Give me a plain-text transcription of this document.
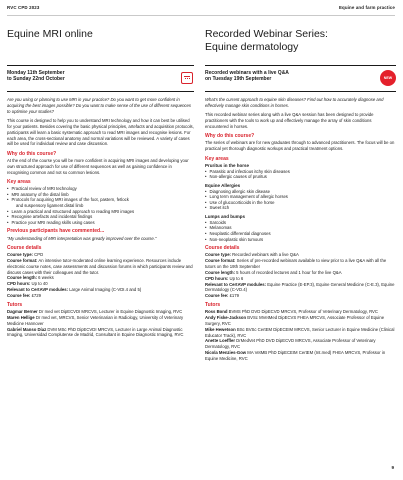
RVC CPD 2023	Equine and farm practice
Equine MRI online
Monday 11th September
to Sunday 22nd October

Are you using or planning to use MRI in your practice? Do you want to get more confident in acquiring the best images possible? Do you want to make sense of the use of different sequences to optimise your studies?

This course is designed to help you to understand MRI technology and how it can best be utilised for your patients. Besides covering the basic physical principles, artefacts and acquisition protocols, participants will learn a basic systematic approach to read MRI images and recognise lesions. For each area, the cross-sectional anatomy and normal variations will be reviewed. A variety of cases will be used for individual review and case discussion.

Why do this course?

At the end of the course you will be more confident in acquiring MRI images and developing your own structured approach for use of different sequences as well as gaining confidence in recognising common and not so common lesions.

Key areas
• Practical review of MRI technology
• MRI anatomy of the distal limb
• Protocols for acquiring MRI images of the foot, pastern, fetlock
and suspensory ligament distal limb
• Learn a practical and structured approach to reading MRI images
• Recognise artefacts and incidental findings
• Practice your MRI reading skills using cases
Previous participants have commented...

"My understanding of MRI interpretation was greatly improved over the course."

Course details
Course type: CPD
Course format: An intensive tutor-moderated online learning experience. Resources include electronic course notes, case assessments and discussion forums in which participants review and discuss cases with their colleagues and the tutor.
Course length: 6 weeks
CPD hours: Up to 40
Relevant to CertAVP modules: Large Animal Imaging (C-VDI.4 and 5)
Course fee: £729
Tutors
Dagmar Berner Dr med vet DipECVDI MRCVS, Lecturer in Equine Diagnostic Imaging, RVC
Maren Hellige Dr med vet, MRCVS, Senior Veterinarian in Radiology, University of Veterinary Medicine Hannover
Gabriel Manso Díaz DVM MSc PhD DipECVDI MRCVS, Lecturer in Large Animal Diagnostic Imaging, Universidad Complutense de Madrid, Consultant in Equine Diagnostic Imaging, RVC
Recorded Webinar Series:
Equine dermatology
Recorded webinars with a live Q&A
on Tuesday 19th September	NEW

What's the current approach to equine skin diseases? Find out how to accurately diagnose and effectively manage skin conditions in horses.

This recorded webinar series along with a live Q&A session has been designed to provide practitioners with the tools to work up and effectively manage the array of skin conditions encountered in horses.

Why do this course?

The series of webinars are for new graduates through to advanced practitioners. The focus will be on practical yet thorough diagnostic workups and practical treatment options.

Key areas
Pruritus in the horse
• Parasitic and infectious itchy skin diseases
• Non-allergic causes of pruritus
Equine Allergies
• Diagnosing allergic skin disease
• Long term management of allergic horses
• Use of glucocorticoids in the horse
• Sweet itch
Lumps and bumps
• Sarcoids
• Melanomas
• Neoplastic differential diagnoses
• Non-neoplastic skin tumours
Course details
Course type: Recorded webinars with a live Q&A
Course format: Series of pre-recorded webinars available to view prior to a live Q&A with all the tutors on the 19th September
Course length: 5 hours of recorded lectures and 1 hour for the live Q&A
CPD hours: Up to 6
Relevant to CertAVP modules: Equine Practice (E-EP.3), Equine General Medicine (C-E.3), Equine Dermatology (C-VD.4)
Course fee: £179
Tutors
Ross Bond BVMS PhD DVD DipECVD MRCVS, Professor of Veterinary Dermatology, RVC
Andy Fiske-Jackson BVSc MVetMed DipECVS FHEA MRCVS, Associate Professor of Equine Surgery, RVC
Mike Hewetson BSc BVSc CertEM DipECEIM MRCVS, Senior Lecturer in Equine Medicine (Clinical Educator Track), RVC
Anette Loeffler DrMedVet PhD DVD DipECVD MRCVS, Associate Professor of Veterinary Dermatology, RVC
Nicola Menzies-Gow MA VetMB PhD DipECEIM CertEM (Int.med) FHEA MRCVS, Professor in Equine Medicine, RVC
9
